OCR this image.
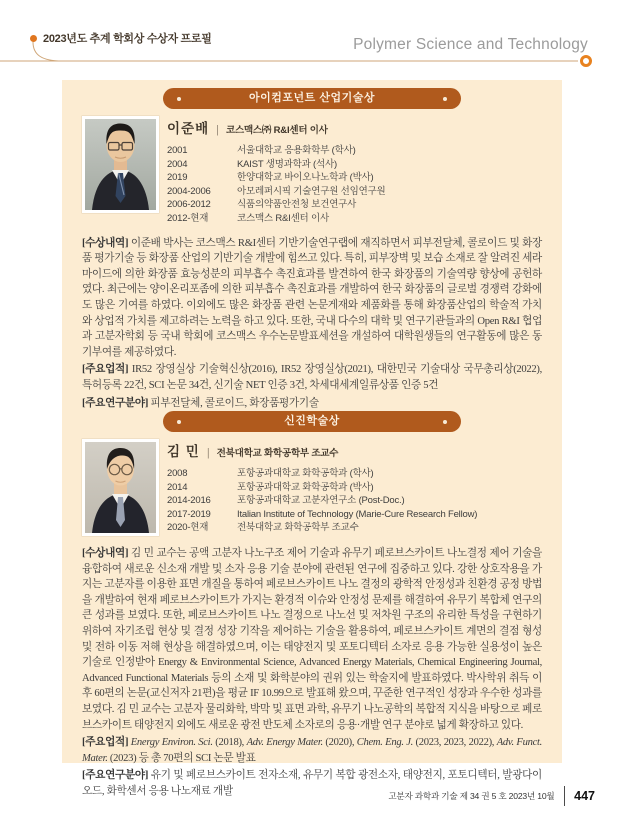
2023년도 추계 학회상 수상자 프로필	Polymer Science and Technology
아이컴포넌트 산업기술상
이준배 | 코스맥스㈜ R&I센터 이사
2001	서울대학교 응용화학부 (학사)
2004	KAIST 생명과학과 (석사)
2019	한양대학교 바이오나노학과 (박사)
2004-2006	아모레퍼시픽 기술연구원 선임연구원
2006-2012	식품의약품안전청 보건연구사
2012-현재	코스맥스 R&I센터 이사

[수상내역] 이준배 박사는 코스맥스 R&I센터 기반기술연구랩에 재직하면서 피부전달체, 콜로이드 및 화장품 평가기술 등 화장품 산업의 기반기술 개발에 힘쓰고 있다. 특히, 피부장벽 및 보습 소재로 잘 알려진 세라마이드에 의한 화장품 효능성분의 피부흡수 촉진효과를 발견하여 한국 화장품의 기술역량 향상에 공헌하였다. 최근에는 양이온리포좀에 의한 피부흡수 촉진효과를 개발하여 한국 화장품의 글로벌 경쟁력 강화에도 많은 기여를 하였다. 이외에도 많은 화장품 관련 논문게재와 제품화를 통해 화장품산업의 학술적 가치와 상업적 가치를 제고하려는 노력을 하고 있다. 또한, 국내 다수의 대학 및 연구기관들과의 Open R&I 협업과 고분자학회 등 국내 학회에 코스맥스 우수논문발표세션을 개설하여 대학원생들의 연구활동에 많은 동기부여를 제공하였다.

[주요업적] IR52 장영실상 기술혁신상(2016), IR52 장영실상(2021), 대한민국 기술대상 국무총리상(2022), 특허등록 22건, SCI 논문 34건, 신기술 NET 인증 3건, 차세대세계일류상품 인증 5건

[주요연구분야] 피부전달체, 콜로이드, 화장품평가기술

신진학술상
김 민 | 전북대학교 화학공학부 조교수
2008	포항공과대학교 화학공학과 (학사)
2014	포항공과대학교 화학공학과 (박사)
2014-2016	포항공과대학교 고분자연구소 (Post-Doc.)
2017-2019	Italian Institute of Technology (Marie-Cure Research Fellow)
2020-현재	전북대학교 화학공학부 조교수

[수상내역] 김 민 교수는 공액 고분자 나노구조 제어 기술과 유무기 페로브스카이트 나노결정 제어 기술을 융합하여 새로운 신소재 개발 및 소자 응용 기술 분야에 관련된 연구에 집중하고 있다. 강한 상호작용을 가지는 고분자를 이용한 표면 개질을 통하여 페로브스카이트 나노 결정의 광학적 안정성과 친환경 공정 방법을 개발하여 현재 페로브스카이트가 가지는 환경적 이슈와 안정성 문제를 해결하여 유무기 복합체 연구의 큰 성과를 보였다. 또한, 페로브스카이트 나노 결정으로 나노선 및 저차원 구조의 유리한 특성을 구현하기 위하여 자기조립 현상 및 결정 성장 기작을 제어하는 기술을 활용하여, 페로브스카이트 계면의 결점 형성 및 전하 이동 저해 현상을 해결하였으며, 이는 태양전지 및 포토디텍터 소자로 응용 가능한 실용성이 높은 기술로 인정받아 Energy & Environmental Science, Advanced Energy Materials, Chemical Engineering Journal, Advanced Functional Materials 등의 소재 및 화학분야의 권위 있는 학술지에 발표하였다. 박사학위 취득 이후 60편의 논문(교신저자 21편)을 평균 IF 10.99으로 발표해 왔으며, 꾸준한 연구적인 성장과 우수한 성과를 보였다. 김 민 교수는 고분자 물리화학, 박막 및 표면 과학, 유무기 나노공학의 복합적 지식을 바탕으로 페로브스카이트 태양전지 외에도 새로운 광전 반도체 소자로의 응용·개발 연구 분야로 넓게 확장하고 있다.

[주요업적] Energy Environ. Sci. (2018), Adv. Energy Mater. (2020), Chem. Eng. J. (2023, 2023, 2022), Adv. Funct. Mater. (2023) 등 총 70편의 SCI 논문 발표

[주요연구분야] 유기 및 페로브스카이트 전자소재, 유무기 복합 광전소자, 태양전지, 포토디텍터, 발광다이오드, 화학센서 응용 나노재료 개발	고분자 과학과 기술 제 34 권 5 호 2023년 10월 447
